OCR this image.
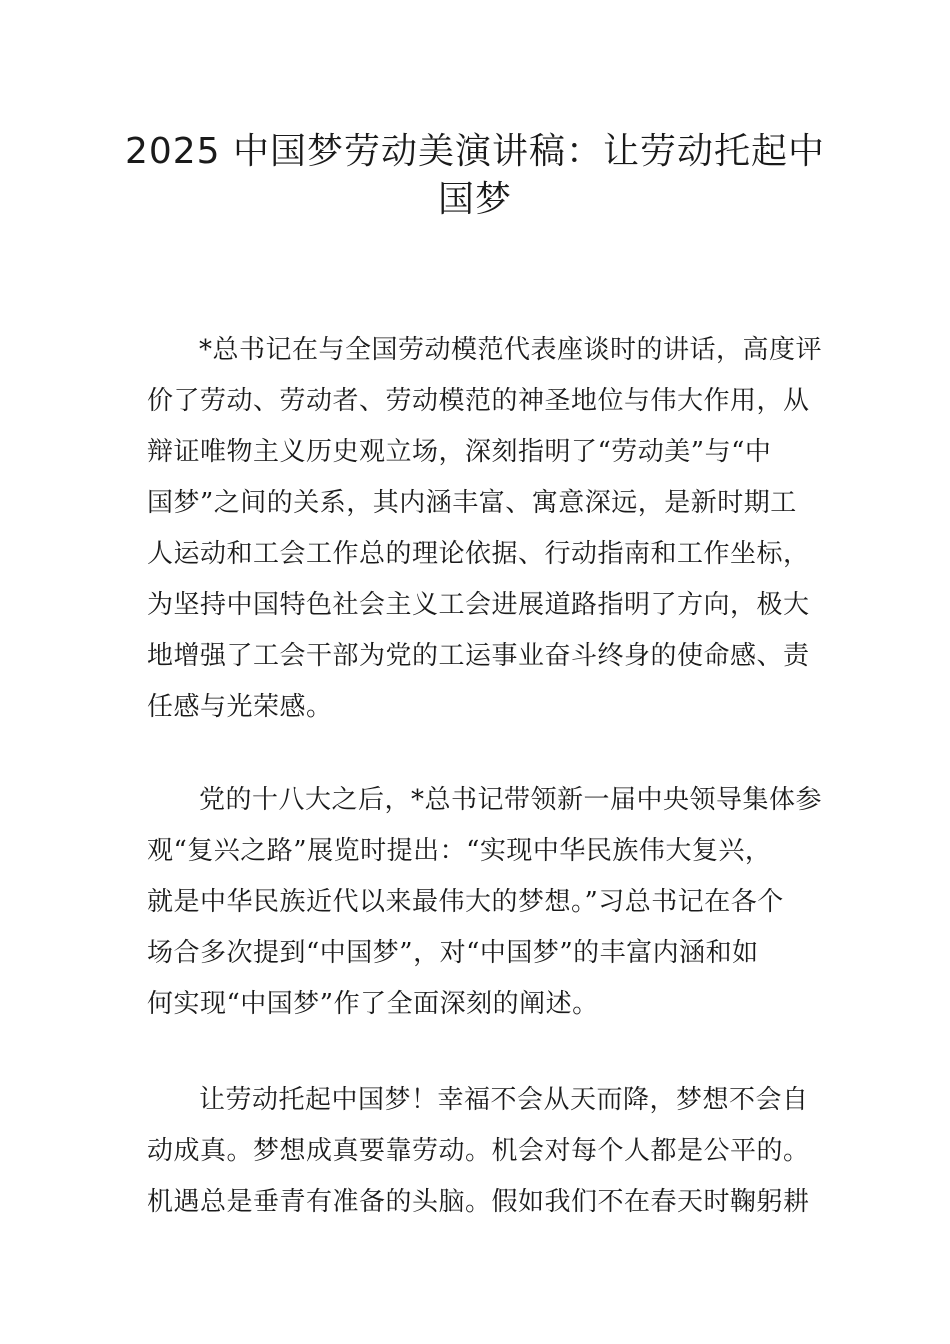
2025 中国梦劳动美演讲稿：让劳动托起中
国梦
*总书记在与全国劳动模范代表座谈时的讲话，高度评
价了劳动、劳动者、劳动模范的神圣地位与伟大作用，从
辩证唯物主义历史观立场，深刻指明了“劳动美”与“中
国梦”之间的关系，其内涵丰富、寓意深远，是新时期工
人运动和工会工作总的理论依据、行动指南和工作坐标，
为坚持中国特色社会主义工会进展道路指明了方向，极大
地增强了工会干部为党的工运事业奋斗终身的使命感、责
任感与光荣感。
党的十八大之后，*总书记带领新一届中央领导集体参
观“复兴之路”展览时提出：“实现中华民族伟大复兴，
就是中华民族近代以来最伟大的梦想。”习总书记在各个
场合多次提到“中国梦”，对“中国梦”的丰富内涵和如
何实现“中国梦”作了全面深刻的阐述。
让劳动托起中国梦！幸福不会从天而降，梦想不会自
动成真。梦想成真要靠劳动。机会对每个人都是公平的。
机遇总是垂青有准备的头脑。假如我们不在春天时鞠躬耕
